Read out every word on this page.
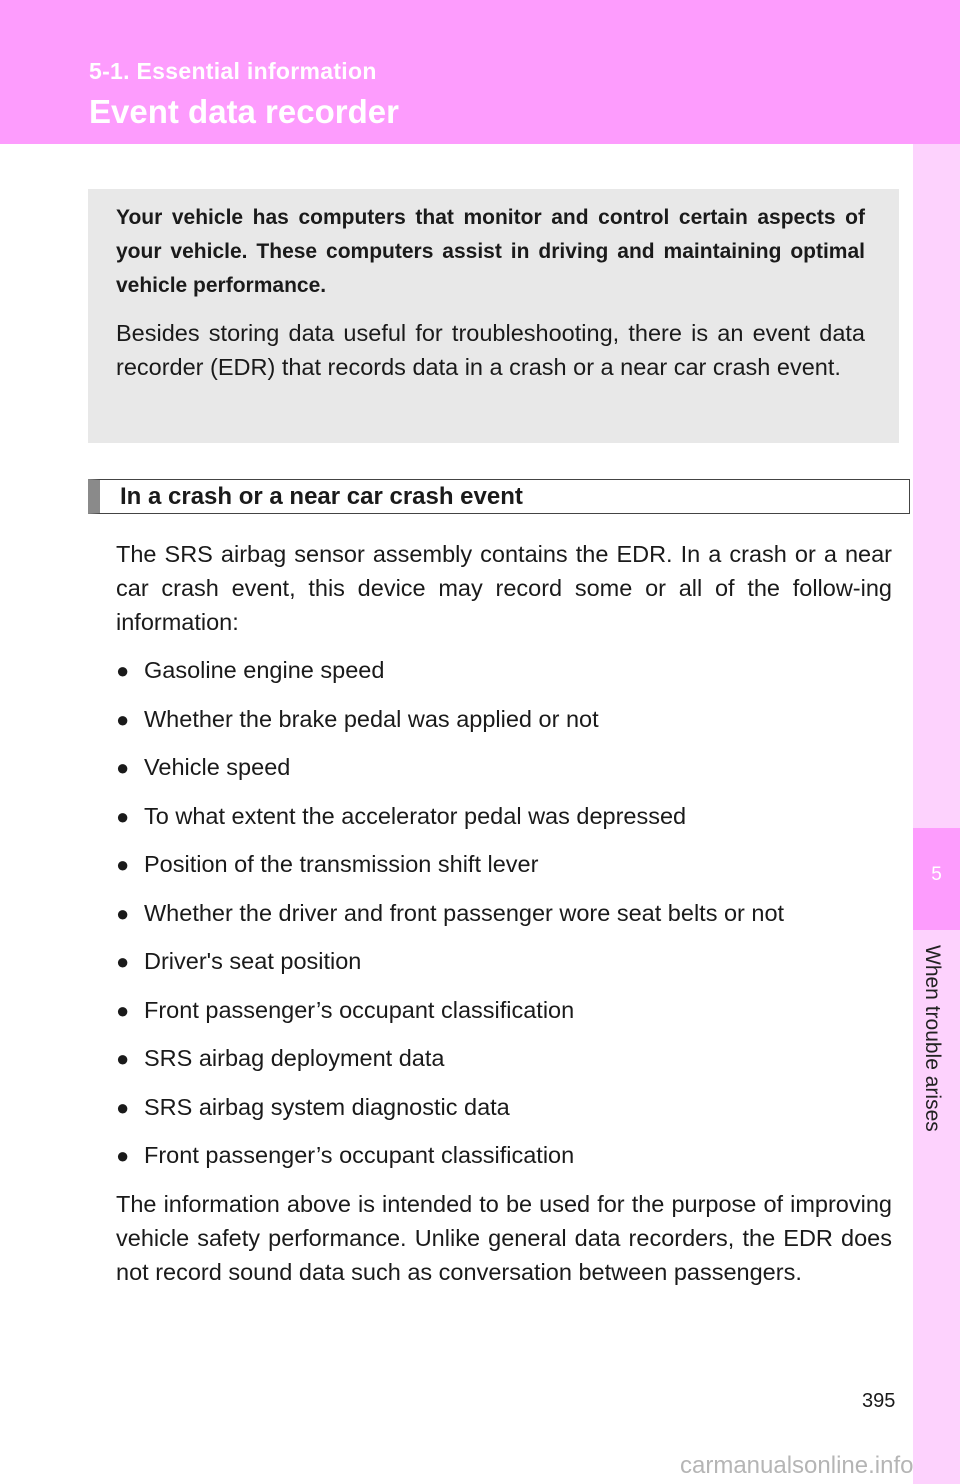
5-1. Essential information
Event data recorder
5
When trouble arises
Your vehicle has computers that monitor and control certain aspects of your vehicle. These computers assist in driving and maintaining optimal vehicle performance.
Besides storing data useful for troubleshooting, there is an event data recorder (EDR) that records data in a crash or a near car crash event.
In a crash or a near car crash event
The SRS airbag sensor assembly contains the EDR. In a crash or a near car crash event, this device may record some or all of the follow-ing information:
● Gasoline engine speed
● Whether the brake pedal was applied or not
● Vehicle speed
● To what extent the accelerator pedal was depressed
● Position of the transmission shift lever
● Whether the driver and front passenger wore seat belts or not
● Driver's seat position
● Front passenger’s occupant classification
● SRS airbag deployment data
● SRS airbag system diagnostic data
● Front passenger’s occupant classification
The information above is intended to be used for the purpose of improving vehicle safety performance. Unlike general data recorders, the EDR does not record sound data such as conversation between passengers.
395
carmanualsonline.info
